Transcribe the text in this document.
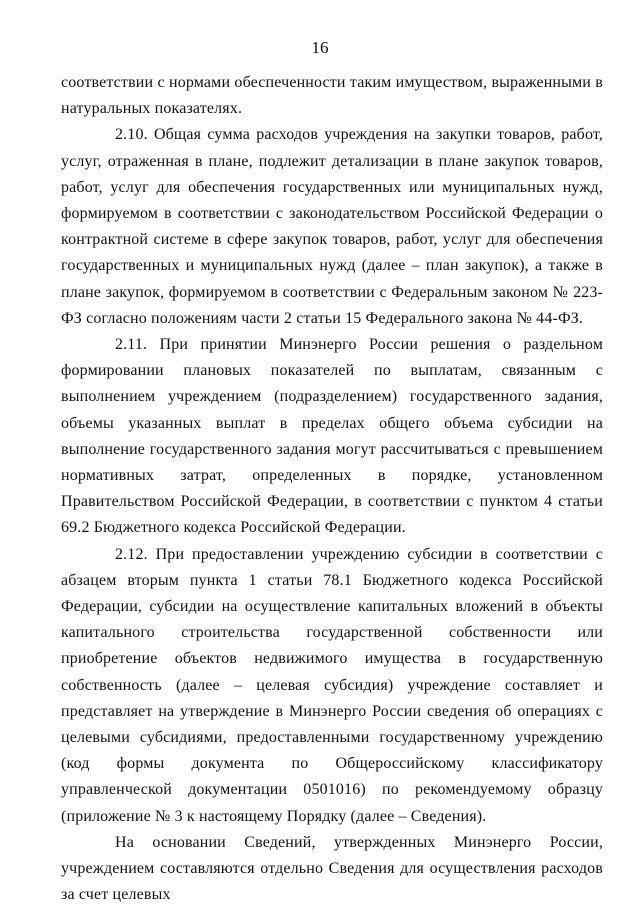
16

соответствии с нормами обеспеченности таким имуществом, выраженными в натуральных показателях.

2.10. Общая сумма расходов учреждения на закупки товаров, работ, услуг, отраженная в плане, подлежит детализации в плане закупок товаров, работ, услуг для обеспечения государственных или муниципальных нужд, формируемом в соответствии с законодательством Российской Федерации о контрактной системе в сфере закупок товаров, работ, услуг для обеспечения государственных и муниципальных нужд (далее – план закупок), а также в плане закупок, формируемом в соответствии с Федеральным законом № 223-ФЗ согласно положениям части 2 статьи 15 Федерального закона № 44-ФЗ.

2.11. При принятии Минэнерго России решения о раздельном формировании плановых показателей по выплатам, связанным с выполнением учреждением (подразделением) государственного задания, объемы указанных выплат в пределах общего объема субсидии на выполнение государственного задания могут рассчитываться с превышением нормативных затрат, определенных в порядке, установленном Правительством Российской Федерации, в соответствии с пунктом 4 статьи 69.2 Бюджетного кодекса Российской Федерации.

2.12. При предоставлении учреждению субсидии в соответствии с абзацем вторым пункта 1 статьи 78.1 Бюджетного кодекса Российской Федерации, субсидии на осуществление капитальных вложений в объекты капитального строительства государственной собственности или приобретение объектов недвижимого имущества в государственную собственность (далее – целевая субсидия) учреждение составляет и представляет на утверждение в Минэнерго России сведения об операциях с целевыми субсидиями, предоставленными государственному учреждению (код формы документа по Общероссийскому классификатору управленческой документации 0501016) по рекомендуемому образцу (приложение № 3 к настоящему Порядку (далее – Сведения).

На основании Сведений, утвержденных Минэнерго России, учреждением составляются отдельно Сведения для осуществления расходов за счет целевых
